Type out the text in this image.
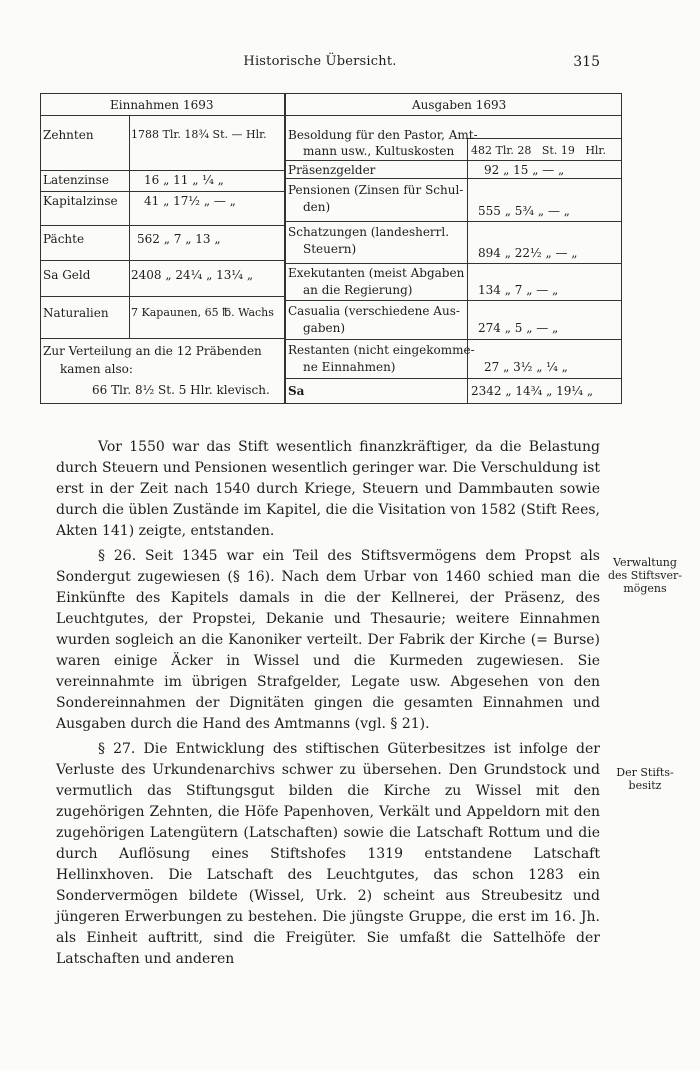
Historische Übersicht.	315
Einnahmen 1693	Ausgaben 1693
Zehnten	1788 Tlr. 18¾ St. — Hlr.
Latenzinse	16 „ 11 „ ¼ „
Kapitalzinse 41 „ 17½ „ — „
Pächte	562 „ 7 „ 13 „
Sa Geld	2408 „ 24¼ „ 13¼ „
Naturalien 7 Kapaunen, 65 ℔. Wachs
Zur Verteilung an die 12 Präbenden
kamen also:
66 Tlr. 8½ St. 5 Hlr. klevisch.
Besoldung für den Pastor, Amt-
mann usw., Kultuskosten 482 Tlr. 28   St. 19   Hlr.
Präsenzgelder	92 „ 15 „ — „
Pensionen (Zinsen für Schul-
den)	555 „ 5¾ „ — „
Schatzungen (landesherrl.
Steuern)	894 „ 22½ „ — „
Exekutanten (meist Abgaben
an die Regierung)	134 „ 7 „ — „
Casualia (verschiedene Aus-
gaben)	274 „ 5 „ — „
Restanten (nicht eingekomme-
ne Einnahmen)	27 „ 3½ „ ¼ „
Sa	2342 „ 14¾ „ 19¼ „

Vor 1550 war das Stift wesentlich finanzkräftiger, da die Belastung durch Steuern und Pensionen wesentlich geringer war. Die Verschuldung ist erst in der Zeit nach 1540 durch Kriege, Steuern und Dammbauten sowie durch die üblen Zustände im Kapitel, die die Visitation von 1582 (Stift Rees, Akten 141) zeigte, entstanden.

§ 26. Seit 1345 war ein Teil des Stiftsvermögens dem Propst als Sondergut zugewiesen (§ 16). Nach dem Urbar von 1460 schied man die Einkünfte des Kapitels damals in die der Kellnerei, der Präsenz, des Leuchtgutes, der Propstei, Dekanie und Thesaurie; weitere Einnahmen wurden sogleich an die Kanoniker verteilt. Der Fabrik der Kirche (= Burse) waren einige Äcker in Wissel und die Kurmeden zugewiesen. Sie vereinnahmte im übrigen Strafgelder, Legate usw. Abgesehen von den Sondereinnahmen der Dignitäten gingen die gesamten Einnahmen und Ausgaben durch die Hand des Amtmanns (vgl. § 21).

§ 27. Die Entwicklung des stiftischen Güterbesitzes ist infolge der Verluste des Urkundenarchivs schwer zu übersehen. Den Grundstock und vermutlich das Stiftungsgut bilden die Kirche zu Wissel mit den zugehörigen Zehnten, die Höfe Papenhoven, Verkält und Appeldorn mit den zugehörigen Latengütern (Latschaften) sowie die Latschaft Rottum und die durch Auflösung eines Stiftshofes 1319 entstandene Latschaft Hellinxhoven. Die Latschaft des Leuchtgutes, das schon 1283 ein Sondervermögen bildete (Wissel, Urk. 2) scheint aus Streubesitz und jüngeren Erwerbungen zu bestehen. Die jüngste Gruppe, die erst im 16. Jh. als Einheit auftritt, sind die Freigüter. Sie umfaßt die Sattelhöfe der Latschaften und anderen

Verwaltung
des Stiftsver-
mögens
Der Stifts-
besitz
